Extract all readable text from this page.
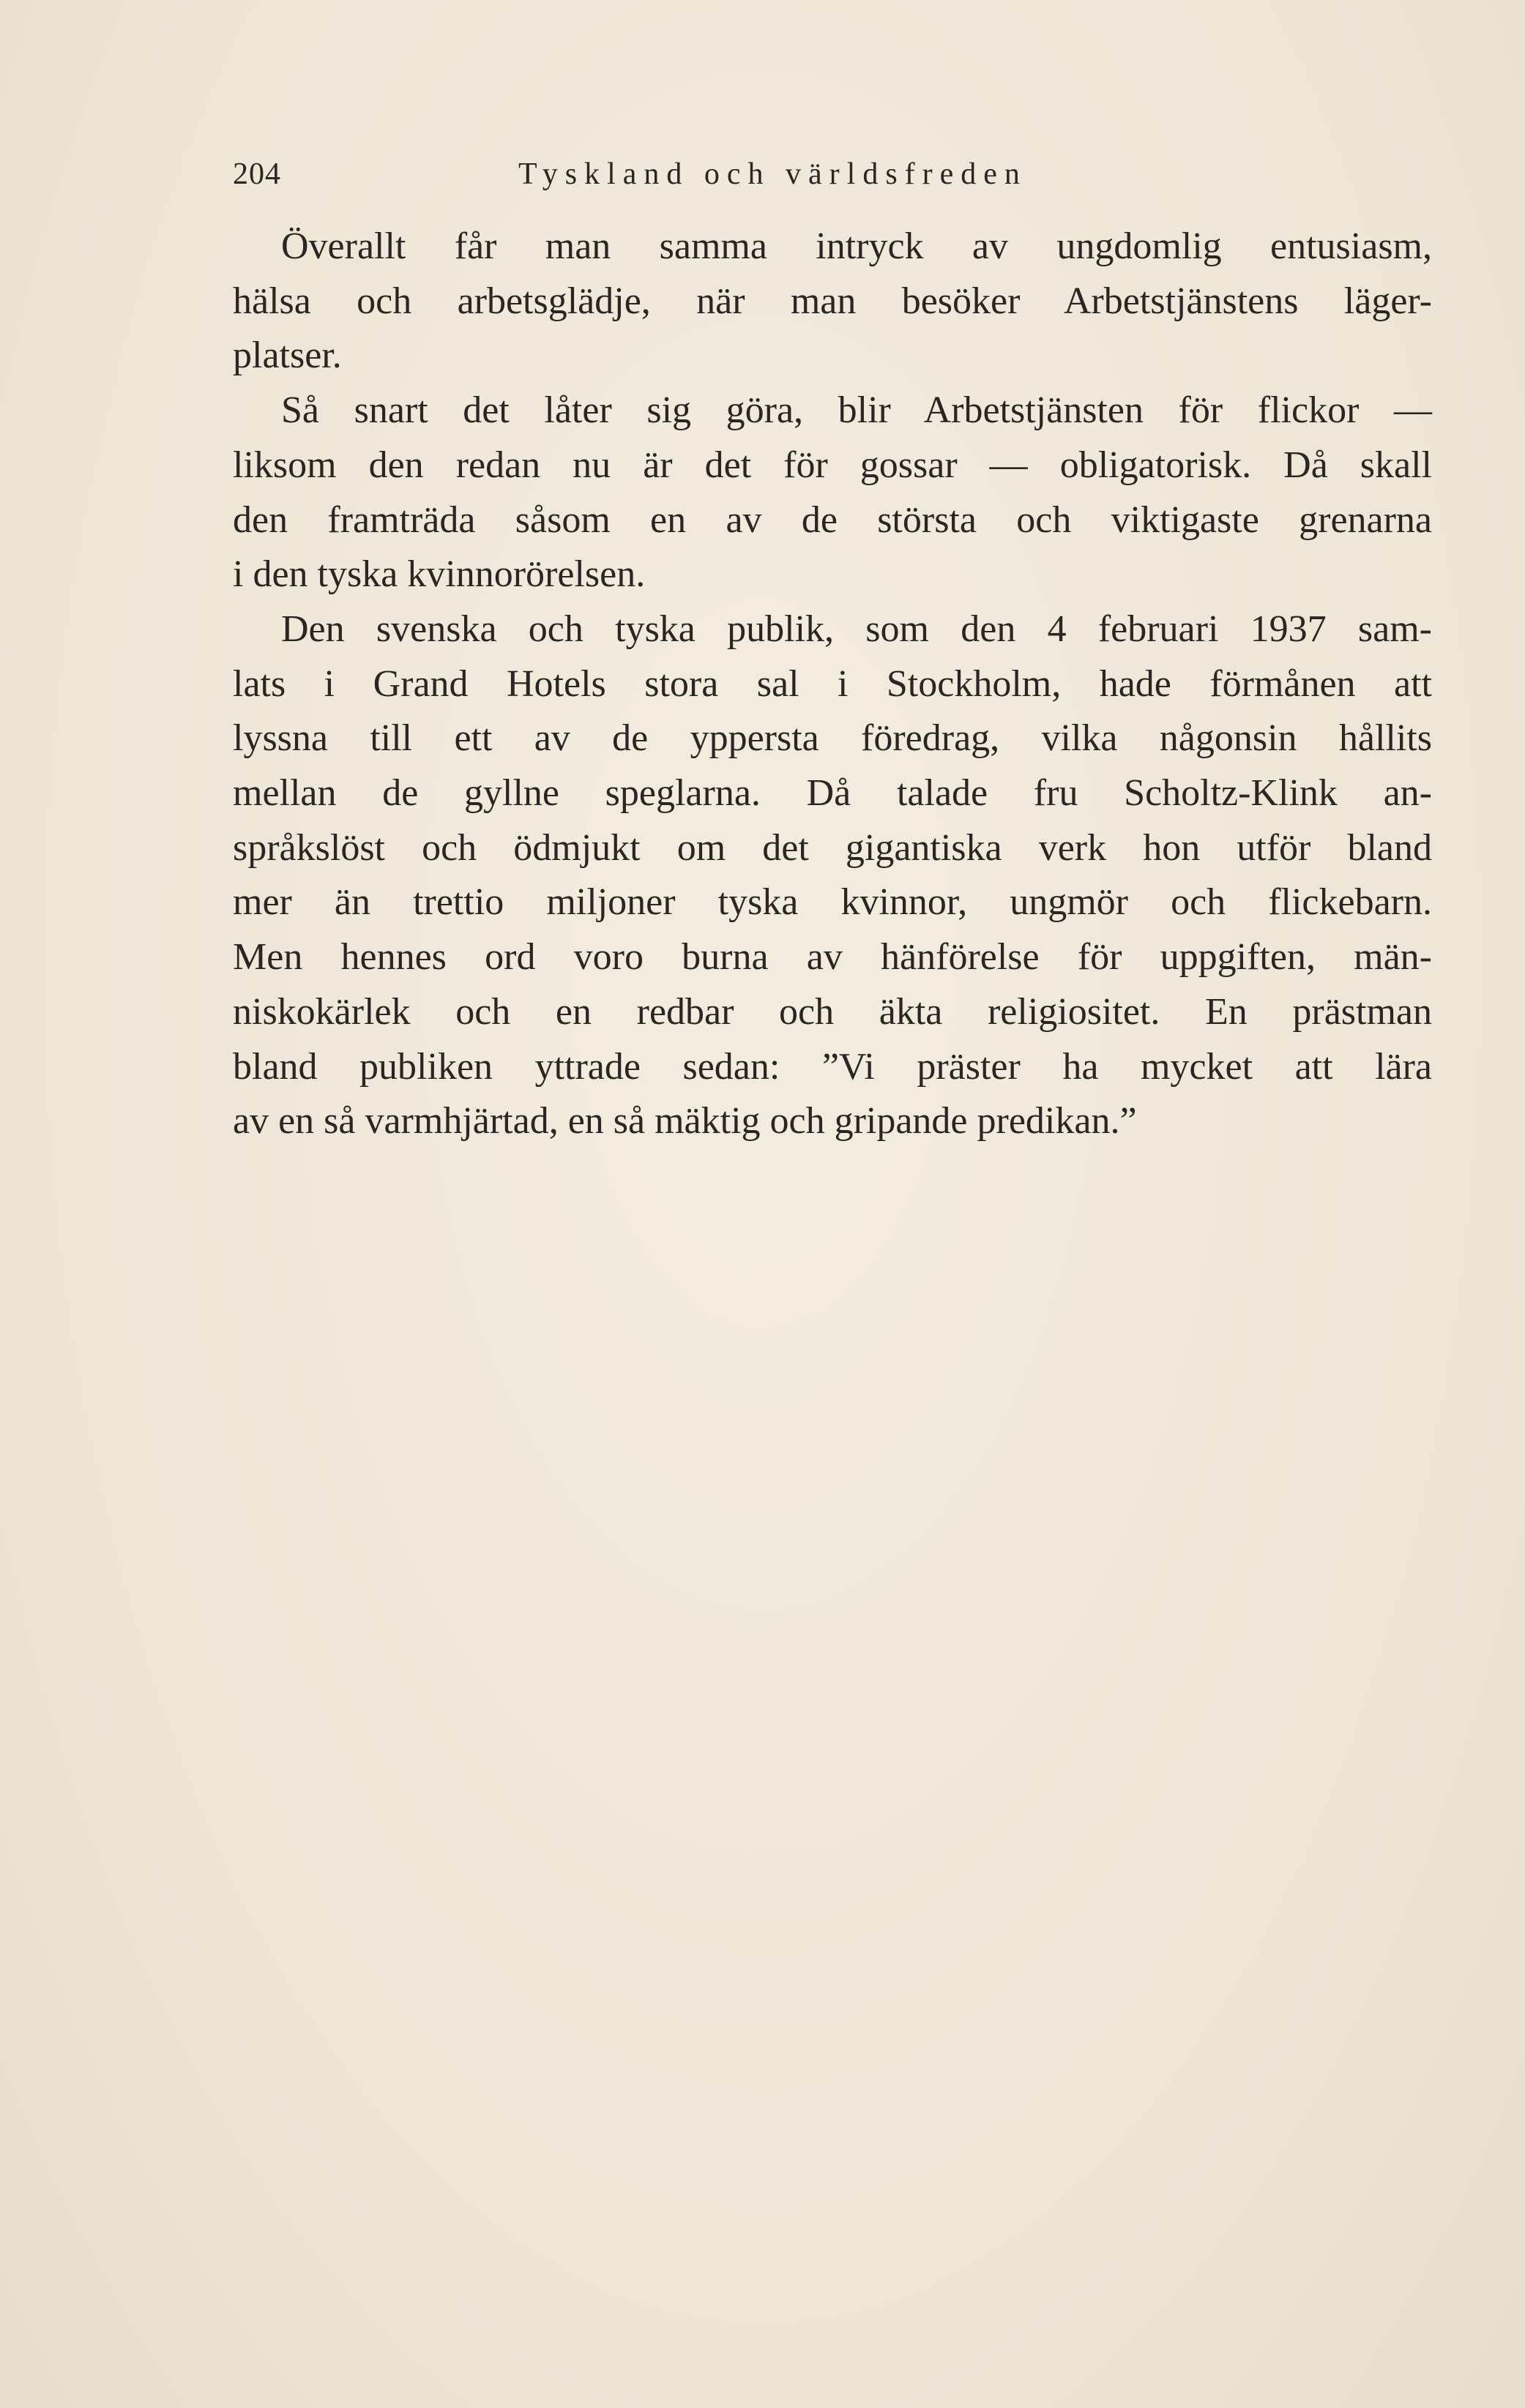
204	Tyskland och världsfreden

Överallt får man samma intryck av ungdomlig entusiasm,
hälsa och arbetsglädje, när man besöker Arbetstjänstens läger-
platser.

Så snart det låter sig göra, blir Arbetstjänsten för flickor —
liksom den redan nu är det för gossar — obligatorisk. Då skall
den framträda såsom en av de största och viktigaste grenarna
i den tyska kvinnorörelsen.

Den svenska och tyska publik, som den 4 februari 1937 sam-
lats i Grand Hotels stora sal i Stockholm, hade förmånen att
lyssna till ett av de yppersta föredrag, vilka någonsin hållits
mellan de gyllne speglarna. Då talade fru Scholtz-Klink an-
språkslöst och ödmjukt om det gigantiska verk hon utför bland
mer än trettio miljoner tyska kvinnor, ungmör och flickebarn.
Men hennes ord voro burna av hänförelse för uppgiften, män-
niskokärlek och en redbar och äkta religiositet. En prästman
bland publiken yttrade sedan: ”Vi präster ha mycket att lära
av en så varmhjärtad, en så mäktig och gripande predikan.”
